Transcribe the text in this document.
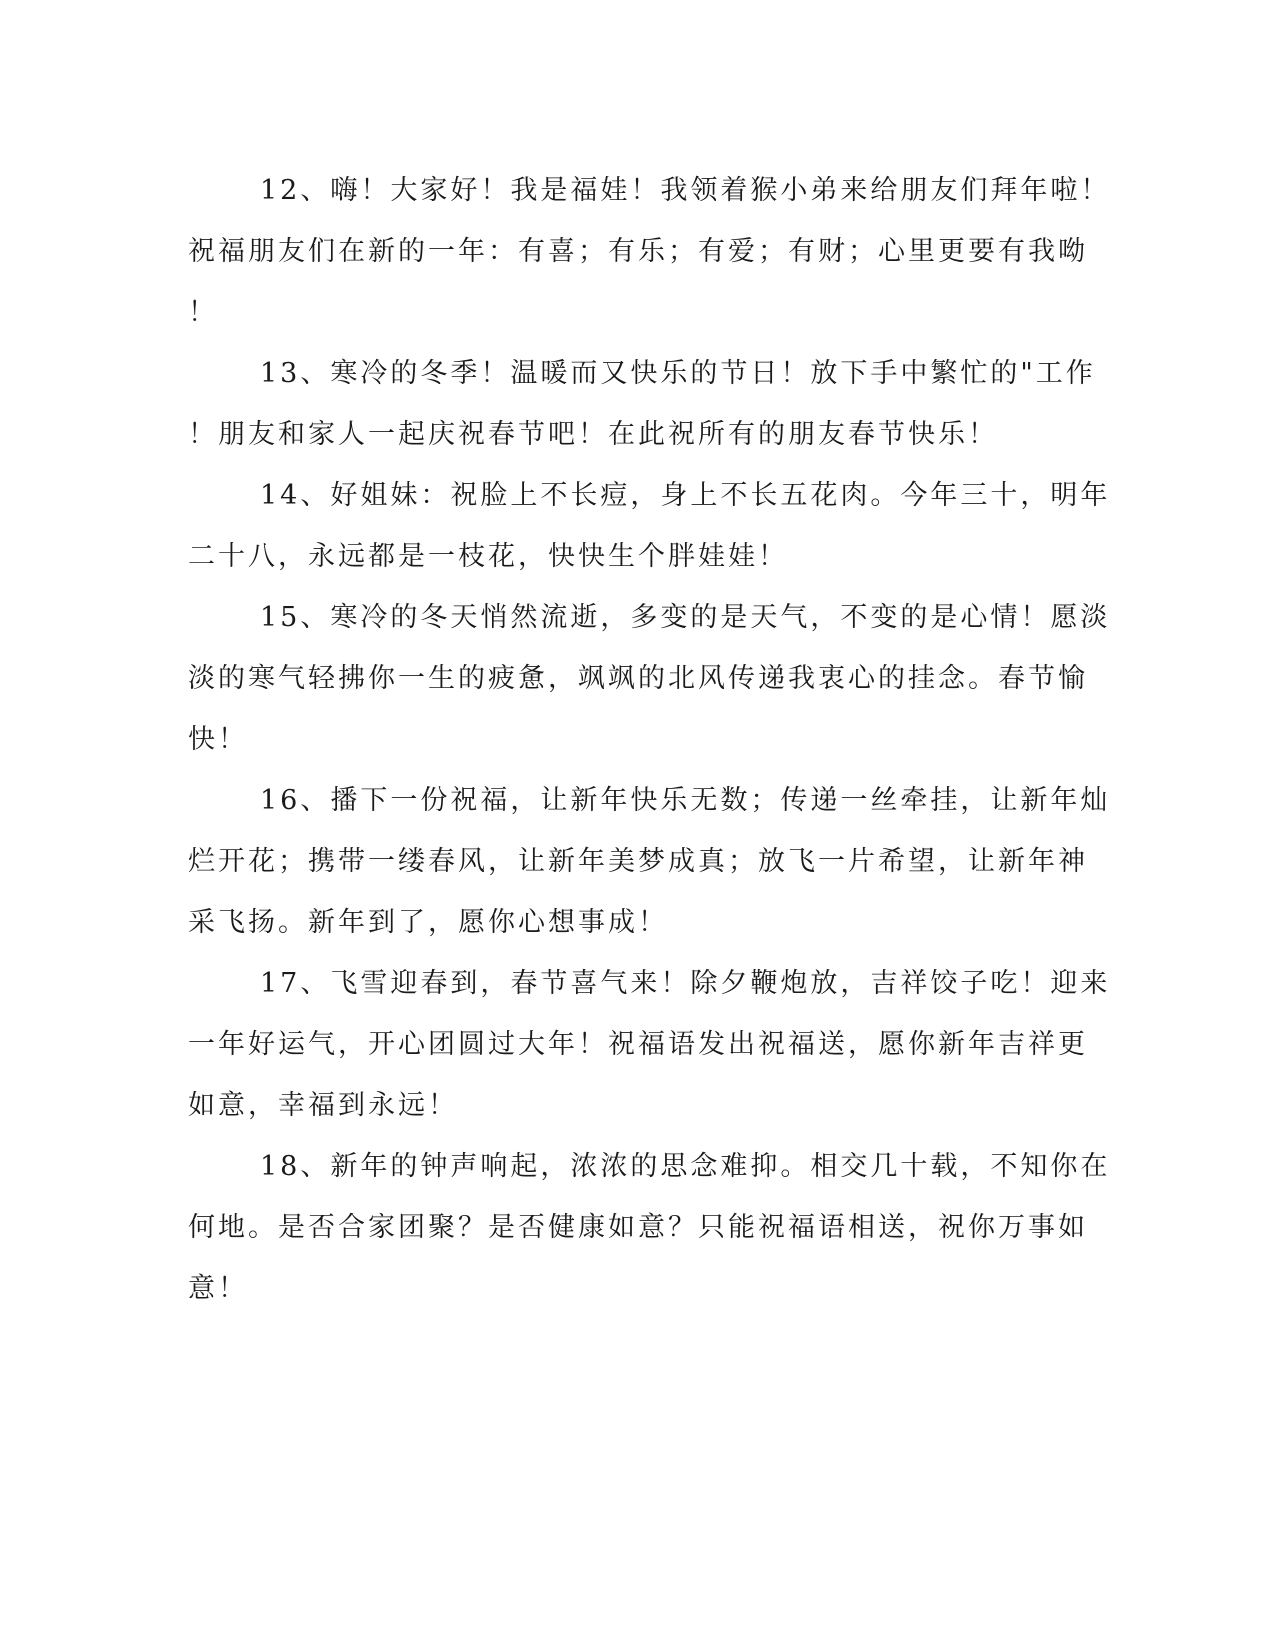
12、嗨！大家好！我是福娃！我领着猴小弟来给朋友们拜年啦！
祝福朋友们在新的一年：有喜；有乐；有爱；有财；心里更要有我呦
！

13、寒冷的冬季！温暖而又快乐的节日！放下手中繁忙的"工作
！朋友和家人一起庆祝春节吧！在此祝所有的朋友春节快乐！

14、好姐妹：祝脸上不长痘，身上不长五花肉。今年三十，明年
二十八，永远都是一枝花，快快生个胖娃娃！

15、寒冷的冬天悄然流逝，多变的是天气，不变的是心情！愿淡
淡的寒气轻拂你一生的疲惫，飒飒的北风传递我衷心的挂念。春节愉
快！

16、播下一份祝福，让新年快乐无数；传递一丝牵挂，让新年灿
烂开花；携带一缕春风，让新年美梦成真；放飞一片希望，让新年神
采飞扬。新年到了，愿你心想事成！

17、飞雪迎春到，春节喜气来！除夕鞭炮放，吉祥饺子吃！迎来
一年好运气，开心团圆过大年！祝福语发出祝福送，愿你新年吉祥更
如意，幸福到永远！

18、新年的钟声响起，浓浓的思念难抑。相交几十载，不知你在
何地。是否合家团聚？是否健康如意？只能祝福语相送，祝你万事如
意！
